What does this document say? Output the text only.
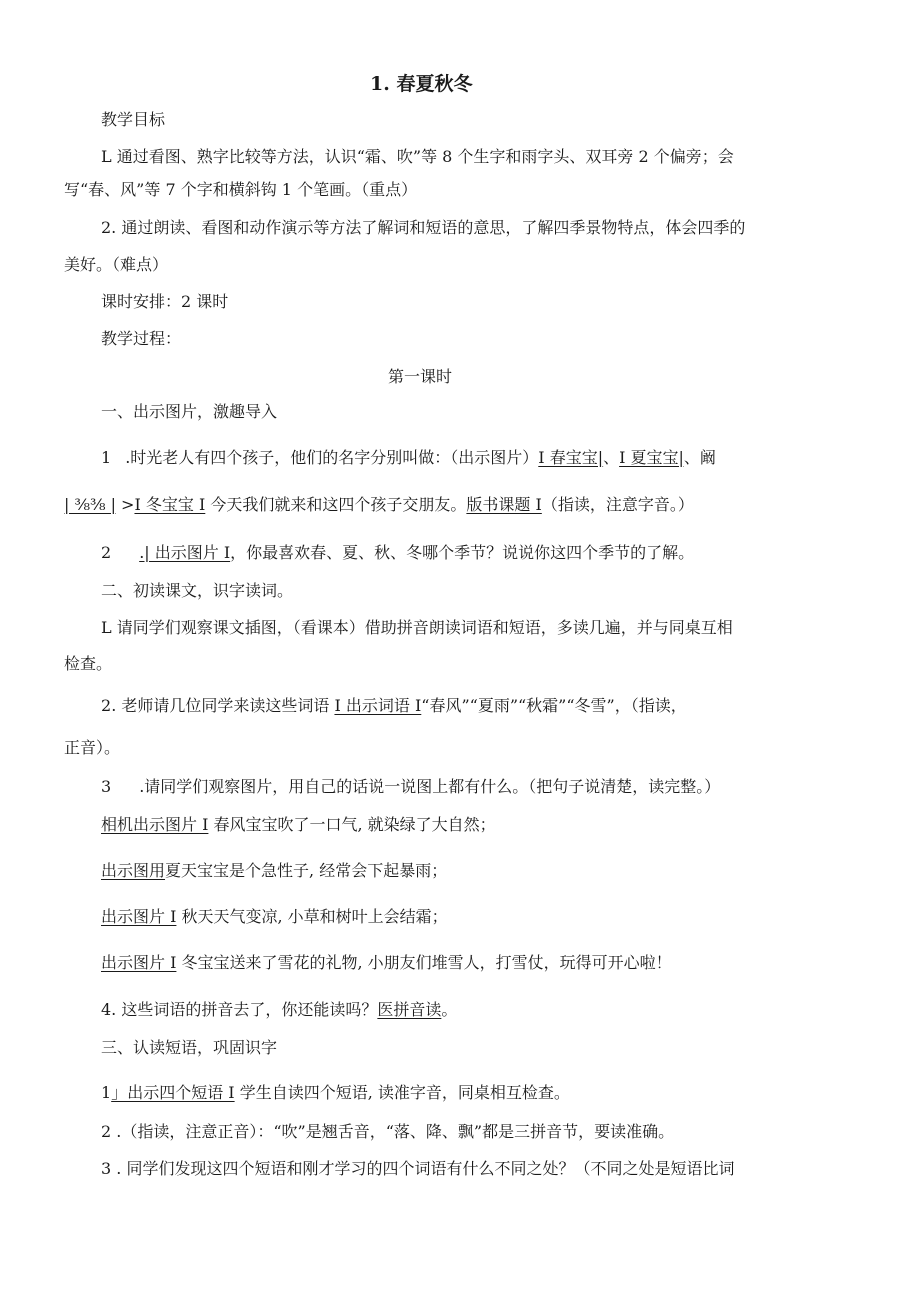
1. 春夏秋冬
教学目标
L 通过看图、熟字比较等方法，认识“霜、吹”等 8 个生字和雨字头、双耳旁 2 个偏旁；会
写“春、风”等 7 个字和横斜钩 1 个笔画。（重点）
2. 通过朗读、看图和动作演示等方法了解词和短语的意思，了解四季景物特点，体会四季的
美好。（难点）
课时安排：2 课时
教学过程：
第一课时
一、出示图片，激趣导入
1 .时光老人有四个孩子，他们的名字分别叫做：（出示图片）I 春宝宝|、I 夏宝宝|、阚
| ⅜⅜ | >I 冬宝宝 I 今天我们就来和这四个孩子交朋友。版书课题 I（指读，注意字音。）
2 .| 出示图片 I，你最喜欢春、夏、秋、冬哪个季节？说说你这四个季节的了解。
二、初读课文，识字读词。
L 请同学们观察课文插图，（看课本）借助拼音朗读词语和短语，多读几遍，并与同桌互相
检查。
2. 老师请几位同学来读这些词语 I 出示词语 I“春风”“夏雨”“秋霜”“冬雪”，（指读，
正音）。
3 .请同学们观察图片，用自己的话说一说图上都有什么。（把句子说清楚，读完整。）
相机出示图片 I 春风宝宝吹了一口气, 就染绿了大自然；
出示图用夏天宝宝是个急性子, 经常会下起暴雨；
出示图片 I 秋天天气变凉, 小草和树叶上会结霜；
出示图片 I 冬宝宝送来了雪花的礼物, 小朋友们堆雪人，打雪仗，玩得可开心啦！
4. 这些词语的拼音去了，你还能读吗？医拼音读。
三、认读短语，巩固识字
1」出示四个短语 I 学生自读四个短语, 读准字音，同桌相互检查。
2 .（指读，注意正音）：“吹”是翘舌音，“落、降、飘”都是三拼音节，要读准确。
3 . 同学们发现这四个短语和刚才学习的四个词语有什么不同之处？（不同之处是短语比词
